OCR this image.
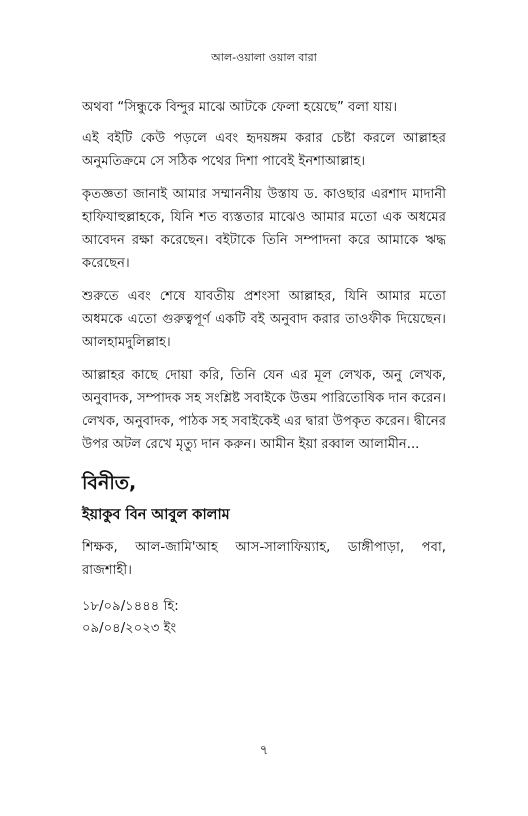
আল-ওয়ালা ওয়াল বারা

অথবা “সিন্ধুকে বিন্দুর মাঝে আটকে ফেলা হয়েছে” বলা যায়।

এই বইটি কেউ পড়লে এবং হৃদয়ঙ্গম করার চেষ্টা করলে আল্লাহর অনুমতিক্রমে সে সঠিক পথের দিশা পাবেই ইনশাআল্লাহ।

কৃতজ্ঞতা জানাই আমার সম্মাননীয় উস্তায ড. কাওছার এরশাদ মাদানী হাফিযাহুল্লাহকে, যিনি শত ব্যস্ততার মাঝেও আমার মতো এক অধমের আবেদন রক্ষা করেছেন। বইটাকে তিনি সম্পাদনা করে আমাকে ঋদ্ধ করেছেন।

শুরুতে এবং শেষে যাবতীয় প্রশংসা আল্লাহর, যিনি আমার মতো অধমকে এতো গুরুত্বপূর্ণ একটি বই অনুবাদ করার তাওফীক দিয়েছেন। আলহামদুলিল্লাহ।

আল্লাহর কাছে দোয়া করি, তিনি যেন এর মূল লেখক, অনু লেখক, অনুবাদক, সম্পাদক সহ সংশ্লিষ্ট সবাইকে উত্তম পারিতোষিক দান করেন। লেখক, অনুবাদক, পাঠক সহ সবাইকেই এর দ্বারা উপকৃত করেন। দ্বীনের উপর অটল রেখে মৃত্যু দান করুন। আমীন ইয়া রব্বাল আলামীন...

বিনীত,
ইয়াকুব বিন আবুল কালাম
শিক্ষক, আল-জামি'আহ আস-সালাফিয়্যাহ, ডাঙ্গীপাড়া, পবা, রাজশাহী।
১৮/০৯/১৪৪৪ হি:
০৯/০৪/২০২৩ ইং
৭
